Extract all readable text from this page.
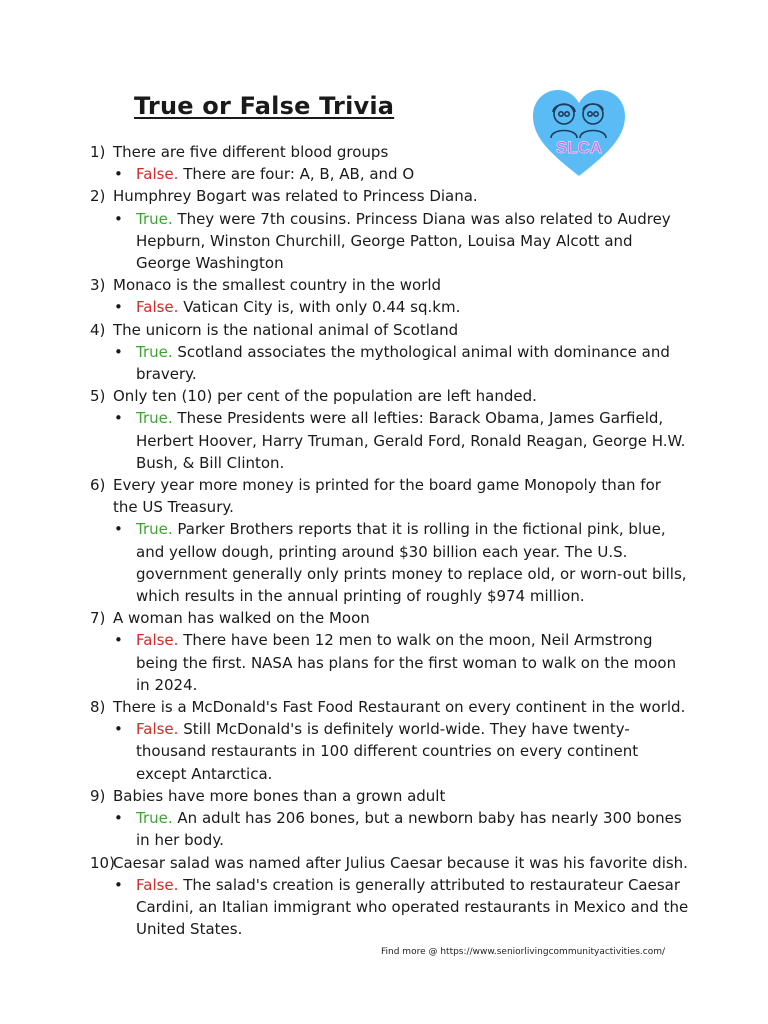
True or False Trivia
SLCA
1) There are five different blood groups
• False. There are four: A, B, AB, and O
2) Humphrey Bogart was related to Princess Diana.
• True. They were 7th cousins. Princess Diana was also related to Audrey Hepburn, Winston Churchill, George Patton, Louisa May Alcott and George Washington
3) Monaco is the smallest country in the world
• False. Vatican City is, with only 0.44 sq.km.
4) The unicorn is the national animal of Scotland
• True. Scotland associates the mythological animal with dominance and bravery.
5) Only ten (10) per cent of the population are left handed.
• True. These Presidents were all lefties: Barack Obama, James Garfield, Herbert Hoover, Harry Truman, Gerald Ford, Ronald Reagan, George H.W. Bush, & Bill Clinton.
6) Every year more money is printed for the board game Monopoly than for the US Treasury.
• True. Parker Brothers reports that it is rolling in the fictional pink, blue, and yellow dough, printing around $30 billion each year. The U.S. government generally only prints money to replace old, or worn-out bills, which results in the annual printing of roughly $974 million.
7) A woman has walked on the Moon
• False. There have been 12 men to walk on the moon, Neil Armstrong being the first. NASA has plans for the first woman to walk on the moon in 2024.
8) There is a McDonald's Fast Food Restaurant on every continent in the world.
• False. Still McDonald's is definitely world-wide. They have twenty-thousand restaurants in 100 different countries on every continent except Antarctica.
9) Babies have more bones than a grown adult
• True. An adult has 206 bones, but a newborn baby has nearly 300 bones in her body.
10)
Caesar salad was named after Julius Caesar because it was his favorite dish.
• False. The salad's creation is generally attributed to restaurateur Caesar Cardini, an Italian immigrant who operated restaurants in Mexico and the United States.
Find more @ https://www.seniorlivingcommunityactivities.com/
